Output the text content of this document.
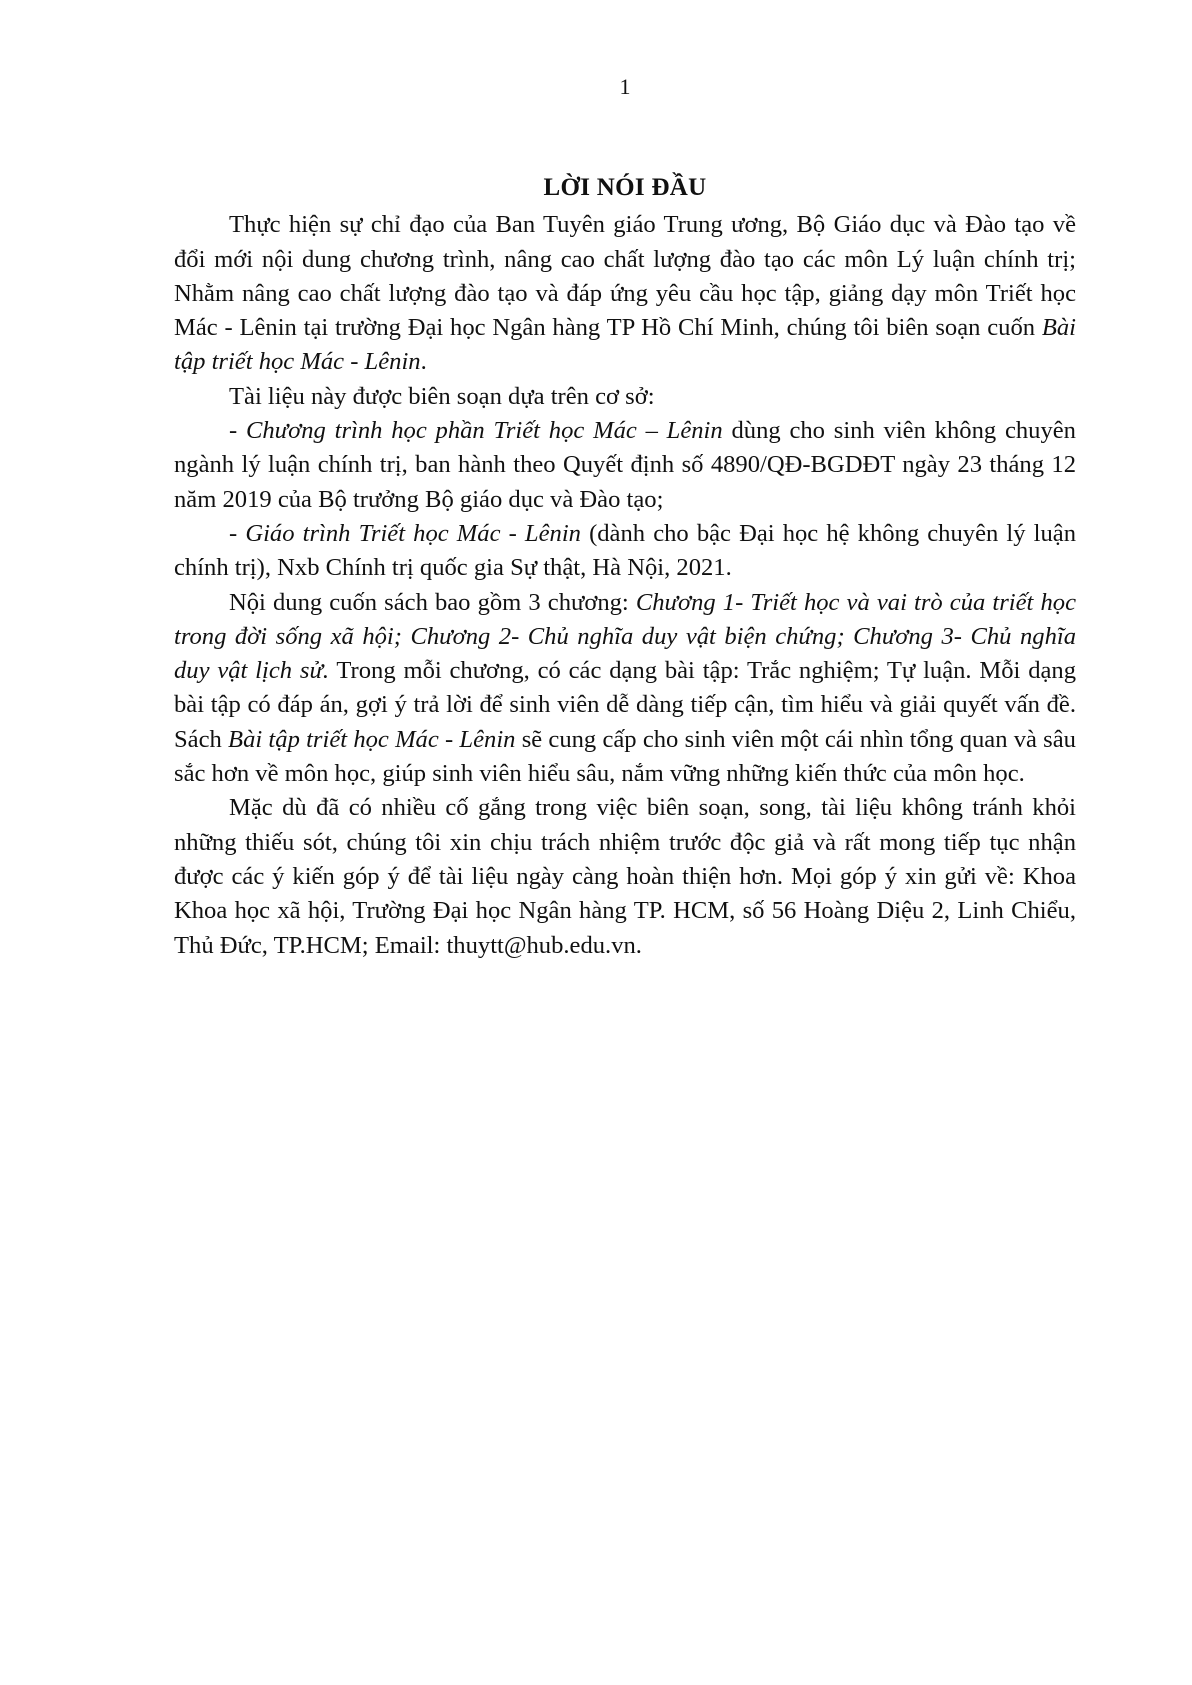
1
LỜI NÓI ĐẦU

Thực hiện sự chỉ đạo của Ban Tuyên giáo Trung ương, Bộ Giáo dục và Đào tạo về đổi mới nội dung chương trình, nâng cao chất lượng đào tạo các môn Lý luận chính trị; Nhằm nâng cao chất lượng đào tạo và đáp ứng yêu cầu học tập, giảng dạy môn Triết học Mác - Lênin tại trường Đại học Ngân hàng TP Hồ Chí Minh, chúng tôi biên soạn cuốn Bài tập triết học Mác - Lênin.

Tài liệu này được biên soạn dựa trên cơ sở:

- Chương trình học phần Triết học Mác – Lênin dùng cho sinh viên không chuyên ngành lý luận chính trị, ban hành theo Quyết định số 4890/QĐ-BGDĐT ngày 23 tháng 12 năm 2019 của Bộ trưởng Bộ giáo dục và Đào tạo;

- Giáo trình Triết học Mác - Lênin (dành cho bậc Đại học hệ không chuyên lý luận chính trị), Nxb Chính trị quốc gia Sự thật, Hà Nội, 2021.

Nội dung cuốn sách bao gồm 3 chương: Chương 1- Triết học và vai trò của triết học trong đời sống xã hội; Chương 2- Chủ nghĩa duy vật biện chứng; Chương 3- Chủ nghĩa duy vật lịch sử. Trong mỗi chương, có các dạng bài tập: Trắc nghiệm; Tự luận. Mỗi dạng bài tập có đáp án, gợi ý trả lời để sinh viên dễ dàng tiếp cận, tìm hiểu và giải quyết vấn đề. Sách Bài tập triết học Mác - Lênin sẽ cung cấp cho sinh viên một cái nhìn tổng quan và sâu sắc hơn về môn học, giúp sinh viên hiểu sâu, nắm vững những kiến thức của môn học.

Mặc dù đã có nhiều cố gắng trong việc biên soạn, song, tài liệu không tránh khỏi những thiếu sót, chúng tôi xin chịu trách nhiệm trước độc giả và rất mong tiếp tục nhận được các ý kiến góp ý để tài liệu ngày càng hoàn thiện hơn. Mọi góp ý xin gửi về: Khoa Khoa học xã hội, Trường Đại học Ngân hàng TP. HCM, số 56 Hoàng Diệu 2, Linh Chiểu, Thủ Đức, TP.HCM; Email: thuytt@hub.edu.vn.
